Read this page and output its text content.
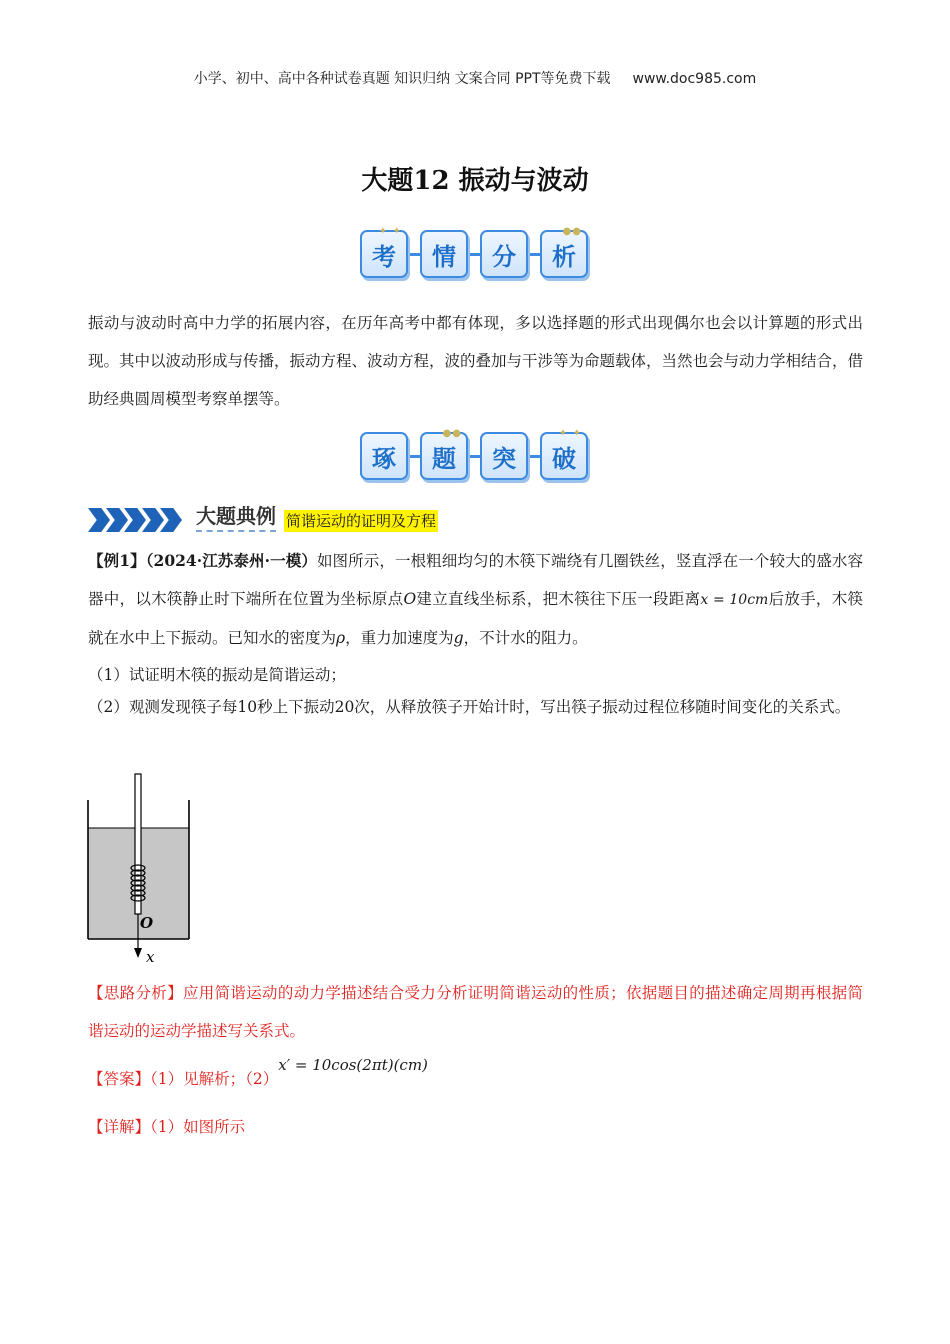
小学、初中、高中各种试卷真题 知识归纳 文案合同 PPT等免费下载 www.doc985.com
大题12 振动与波动
✦ ✦
考 情 分
●●
析
振动与波动时高中力学的拓展内容，在历年高考中都有体现，多以选择题的形式出现偶尔也会以计算题的形式出现。其中以波动形成与传播，振动方程、波动方程，波的叠加与干涉等为命题载体，当然也会与动力学相结合，借助经典圆周模型考察单摆等。
琢
●●
题 突
✦ ✦
破
大题典例 简谐运动的证明及方程
【例1】（2024·江苏泰州·一模）如图所示，一根粗细均匀的木筷下端绕有几圈铁丝，竖直浮在一个较大的盛水容器中，以木筷静止时下端所在位置为坐标原点O建立直线坐标系，把木筷往下压一段距离x = 10cm后放手，木筷就在水中上下振动。已知水的密度为ρ，重力加速度为g，不计水的阻力。
（1）试证明木筷的振动是简谐运动；
（2）观测发现筷子每10秒上下振动20次，从释放筷子开始计时，写出筷子振动过程位移随时间变化的关系式。
O
x
【思路分析】应用简谐运动的动力学描述结合受力分析证明简谐运动的性质；依据题目的描述确定周期再根据简谐运动的运动学描述写关系式。
【答案】（1）见解析；（2）x′ = 10cos(2πt)(cm)
【详解】（1）如图所示
